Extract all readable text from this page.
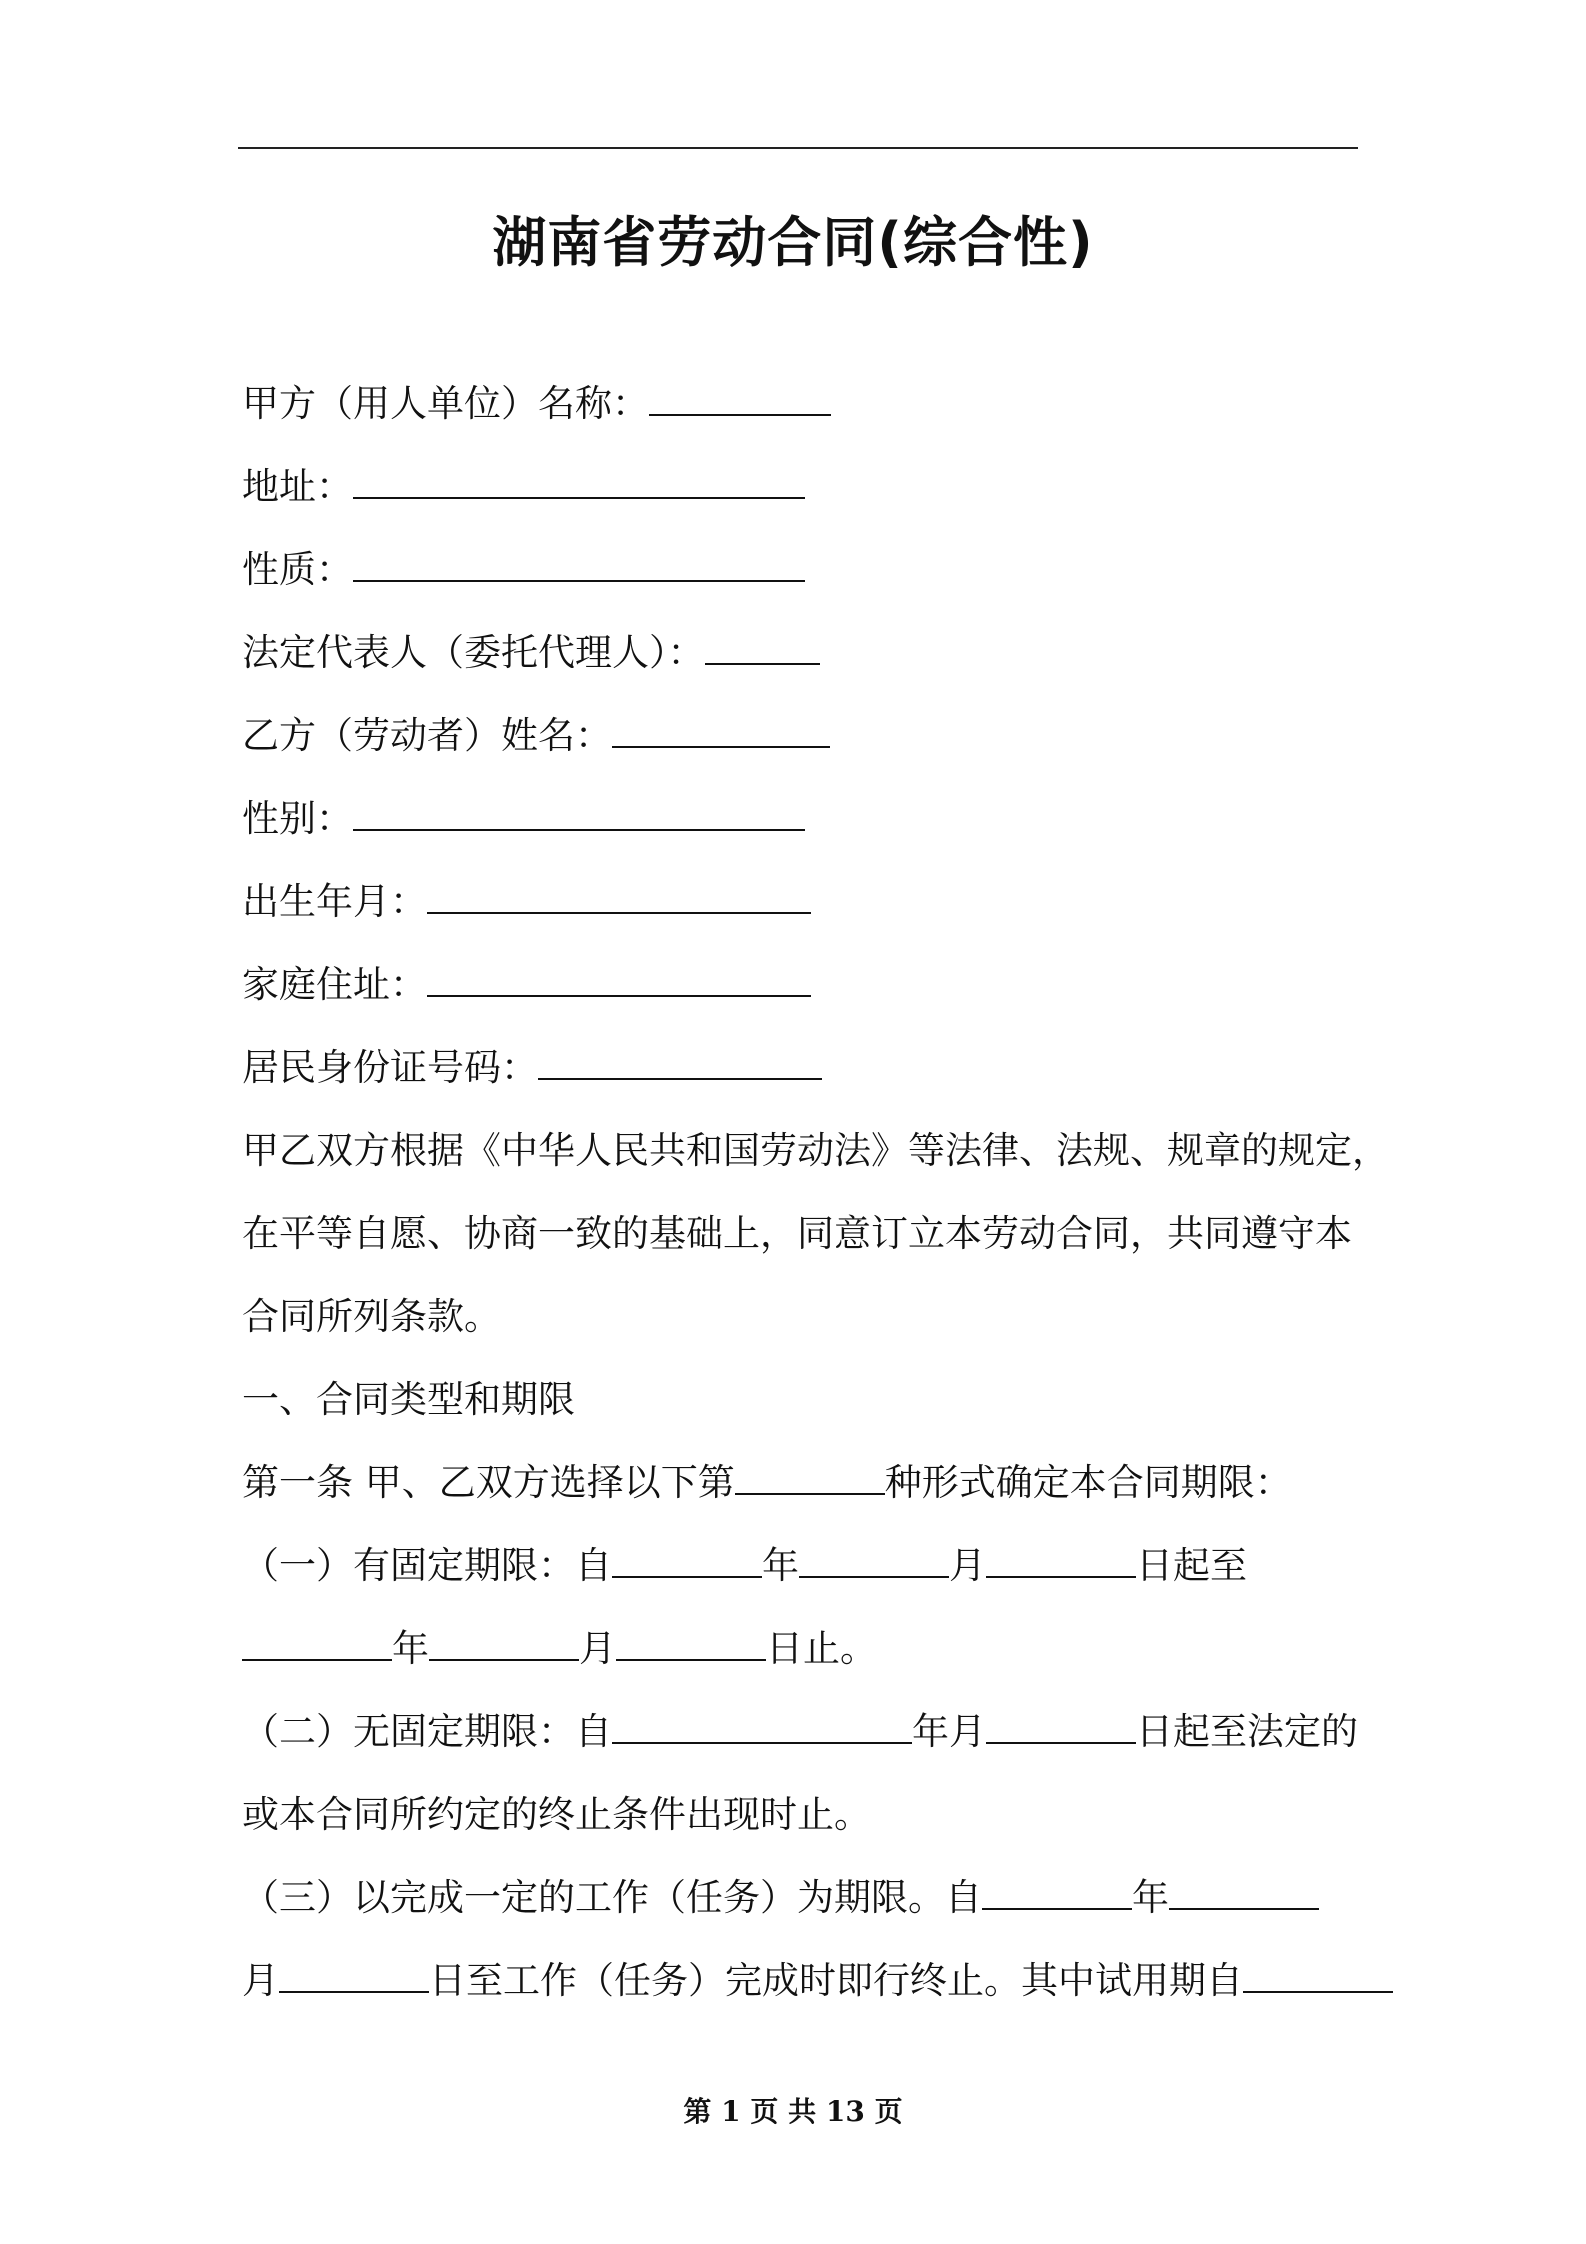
湖南省劳动合同(综合性)
甲方（用人单位）名称：
地址：
性质：
法定代表人（委托代理人）：
乙方（劳动者）姓名：
性别：
出生年月：
家庭住址：
居民身份证号码：
甲乙双方根据《中华人民共和国劳动法》等法律、法规、规章的规定，
在平等自愿、协商一致的基础上，同意订立本劳动合同，共同遵守本
合同所列条款。
一、合同类型和期限
第一条 甲、乙双方选择以下第	种形式确定本合同期限：
（一）有固定期限：自	年	月	日起至
年	月	日止。
（二）无固定期限：自	年月	日起至法定的
或本合同所约定的终止条件出现时止。
（三）以完成一定的工作（任务）为期限。自	年
月	日至工作（任务）完成时即行终止。其中试用期自
第 1 页 共 13 页
